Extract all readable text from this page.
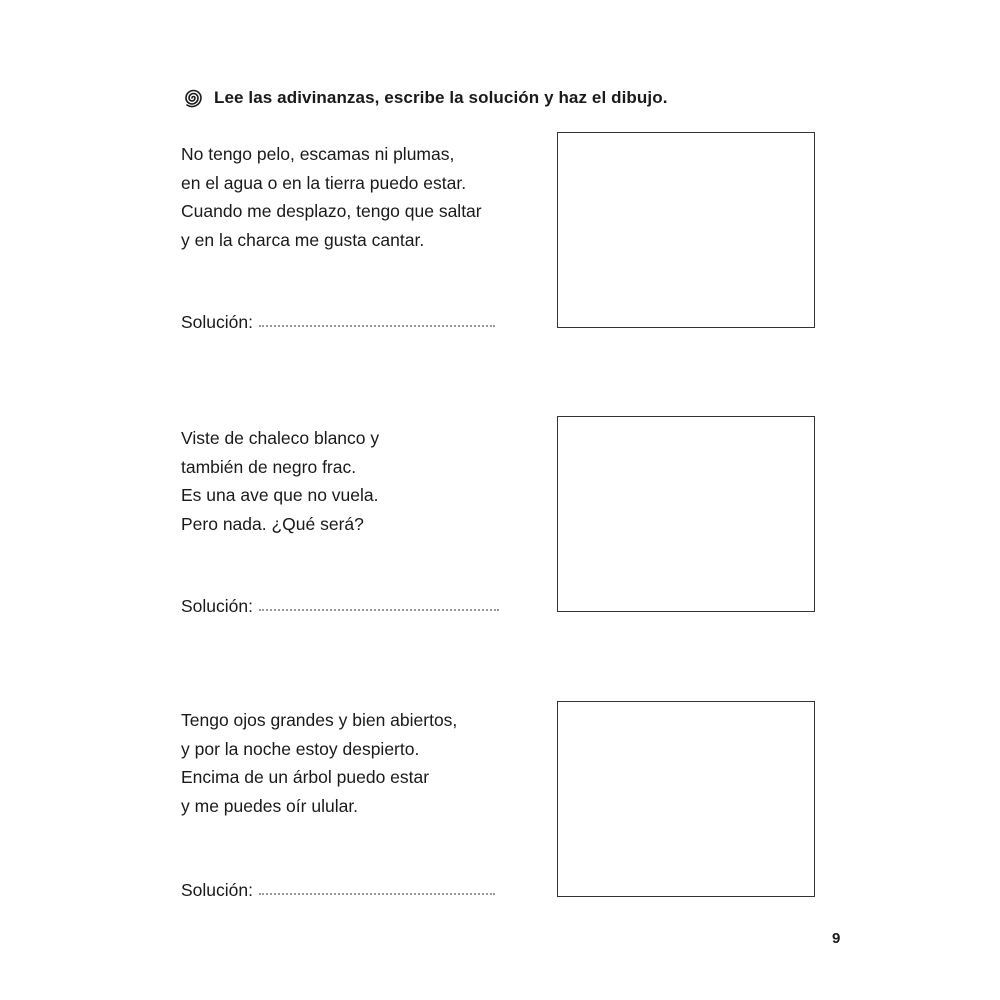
Lee las adivinanzas, escribe la solución y haz el dibujo.
No tengo pelo, escamas ni plumas,
en el agua o en la tierra puedo estar.
Cuando me desplazo, tengo que saltar
y en la charca me gusta cantar.
Solución:
Viste de chaleco blanco y
también de negro frac.
Es una ave que no vuela.
Pero nada. ¿Qué será?
Solución:
Tengo ojos grandes y bien abiertos,
y por la noche estoy despierto.
Encima de un árbol puedo estar
y me puedes oír ulular.
Solución:
9
